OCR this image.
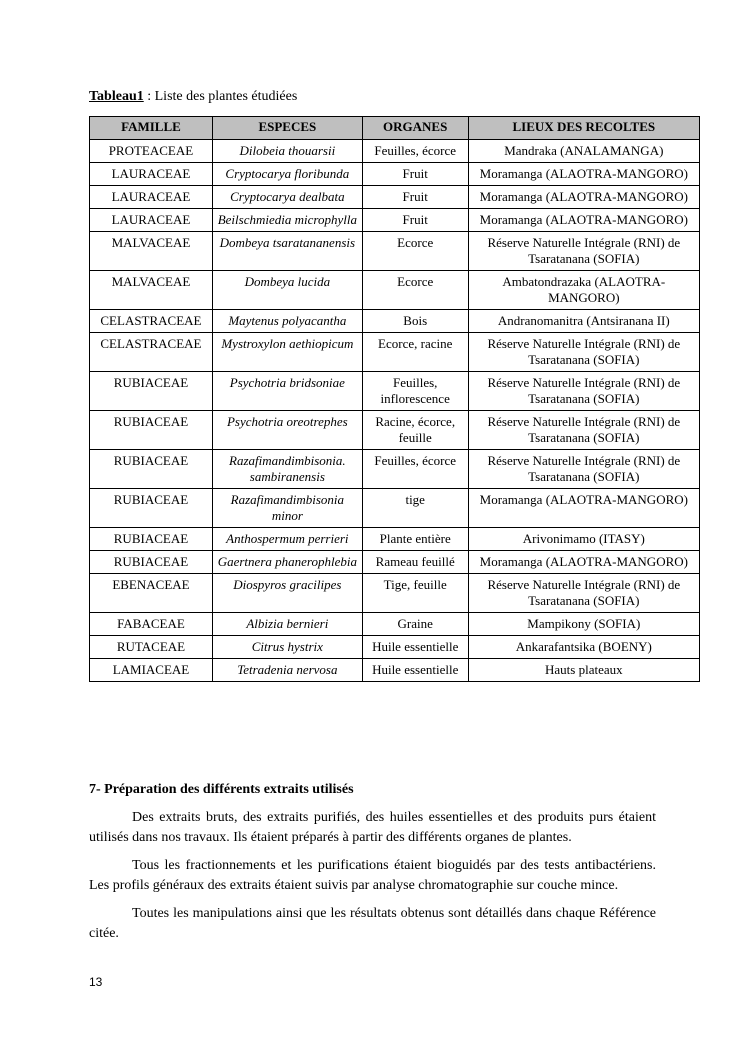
Tableau1 : Liste des plantes étudiées
FAMILLE	ESPECES	ORGANES	LIEUX DES RECOLTES
PROTEACEAE	Dilobeia thouarsii	Feuilles, écorce	Mandraka (ANALAMANGA)
LAURACEAE	Cryptocarya floribunda	Fruit	Moramanga (ALAOTRA-MANGORO)
LAURACEAE	Cryptocarya dealbata	Fruit	Moramanga (ALAOTRA-MANGORO)
LAURACEAE	Beilschmiedia microphylla	Fruit	Moramanga (ALAOTRA-MANGORO)
MALVACEAE	Dombeya tsaratananensis	Ecorce	Réserve Naturelle Intégrale (RNI) de Tsaratanana (SOFIA)
MALVACEAE	Dombeya lucida	Ecorce	Ambatondrazaka (ALAOTRA-MANGORO)
CELASTRACEAE	Maytenus polyacantha	Bois	Andranomanitra (Antsiranana II)
CELASTRACEAE	Mystroxylon aethiopicum	Ecorce, racine	Réserve Naturelle Intégrale (RNI) de Tsaratanana (SOFIA)
RUBIACEAE	Psychotria bridsoniae	Feuilles, inflorescence	Réserve Naturelle Intégrale (RNI) de Tsaratanana (SOFIA)
RUBIACEAE	Psychotria oreotrephes	Racine, écorce, feuille	Réserve Naturelle Intégrale (RNI) de Tsaratanana (SOFIA)
RUBIACEAE	Razafimandimbisonia. sambiranensis	Feuilles, écorce	Réserve Naturelle Intégrale (RNI) de Tsaratanana (SOFIA)
RUBIACEAE	Razafimandimbisonia minor	tige	Moramanga (ALAOTRA-MANGORO)
RUBIACEAE	Anthospermum perrieri	Plante entière	Arivonimamo (ITASY)
RUBIACEAE	Gaertnera phanerophlebia	Rameau feuillé	Moramanga (ALAOTRA-MANGORO)
EBENACEAE	Diospyros gracilipes	Tige, feuille	Réserve Naturelle Intégrale (RNI) de Tsaratanana (SOFIA)
FABACEAE	Albizia bernieri	Graine	Mampikony (SOFIA)
RUTACEAE	Citrus hystrix	Huile essentielle	Ankarafantsika (BOENY)
LAMIACEAE	Tetradenia nervosa	Huile essentielle	Hauts plateaux
7- Préparation des différents extraits utilisés

Des extraits bruts, des extraits purifiés, des huiles essentielles et des produits purs étaient utilisés dans nos travaux. Ils étaient préparés à partir des différents organes de plantes.

Tous les fractionnements et les purifications étaient bioguidés par des tests antibactériens. Les profils généraux des extraits étaient suivis par analyse chromatographie sur couche mince.

Toutes les manipulations ainsi que les résultats obtenus sont détaillés dans chaque Référence citée.

13
